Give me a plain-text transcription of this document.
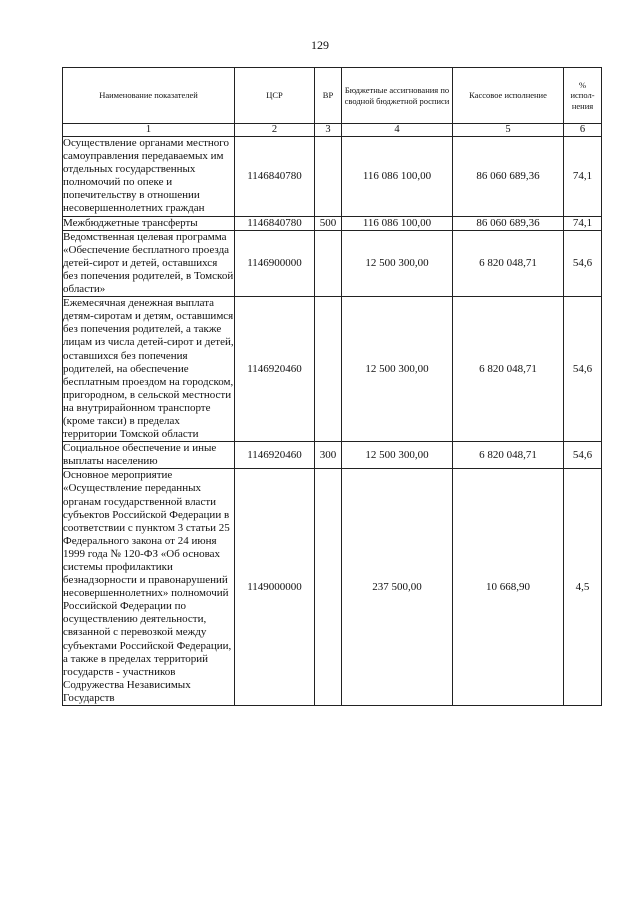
129
Наименование показателей	ЦСР	ВР	Бюджетные ассигнования по сводной бюджетной росписи	Кассовое исполнение	% испол-нения
1	2	3	4	5	6
Осуществление органами местного самоуправления передаваемых им отдельных государственных полномочий по опеке и попечительству в отношении несовершеннолетних граждан	1146840780		116 086 100,00	86 060 689,36	74,1
Межбюджетные трансферты	1146840780	500	116 086 100,00	86 060 689,36	74,1
Ведомственная целевая программа «Обеспечение бесплатного проезда детей-сирот и детей, оставшихся без попечения родителей, в Томской области»	1146900000		12 500 300,00	6 820 048,71	54,6
Ежемесячная денежная выплата детям-сиротам и детям, оставшимся без попечения родителей, а также лицам из числа детей-сирот и детей, оставшихся без попечения родителей, на обеспечение бесплатным проездом на городском, пригородном, в сельской местности на внутрирайонном транспорте (кроме такси) в пределах территории Томской области	1146920460		12 500 300,00	6 820 048,71	54,6
Социальное обеспечение и иные выплаты населению	1146920460	300	12 500 300,00	6 820 048,71	54,6
Основное мероприятие «Осуществление переданных органам государственной власти субъектов Российской Федерации в соответствии с пунктом 3 статьи 25 Федерального закона от 24 июня 1999 года № 120-ФЗ «Об основах системы профилактики безнадзорности и правонарушений несовершеннолетних» полномочий Российской Федерации по осуществлению деятельности, связанной с перевозкой между субъектами Российской Федерации, а также в пределах территорий государств - участников Содружества Независимых Государств	1149000000		237 500,00	10 668,90	4,5
